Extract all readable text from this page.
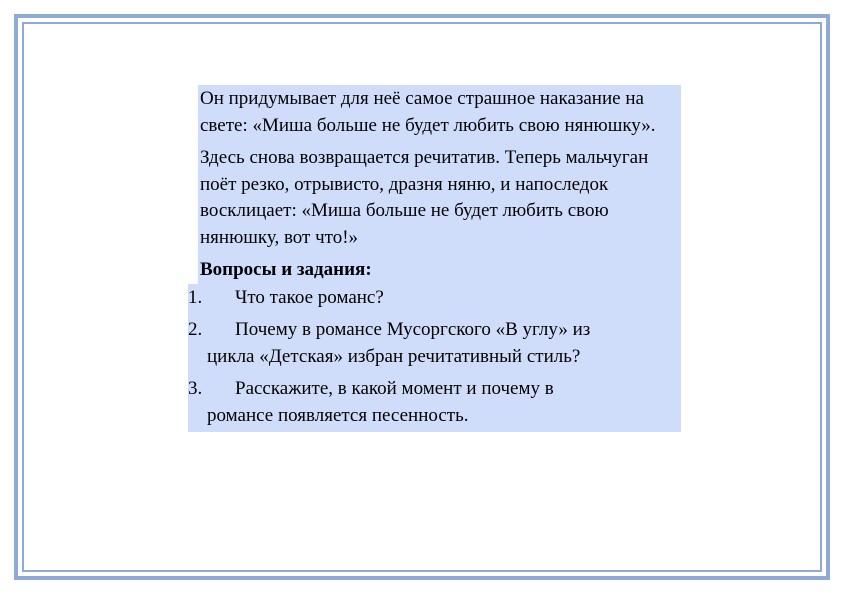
Он придумывает для неё самое страшное наказание на свете: «Миша больше не будет любить свою нянюшку».

Здесь снова возвращается речитатив. Теперь мальчуган поёт резко, отрывисто, дразня няню, и напоследок восклицает: «Миша больше не будет любить свою нянюшку, вот что!»

Вопросы и задания:

1. Что такое романс?
2. Почему в романсе Мусоргского «В углу» из
цикла «Детская» избран речитативный стиль?
3. Расскажите, в какой момент и почему в
романсе появляется песенность.
